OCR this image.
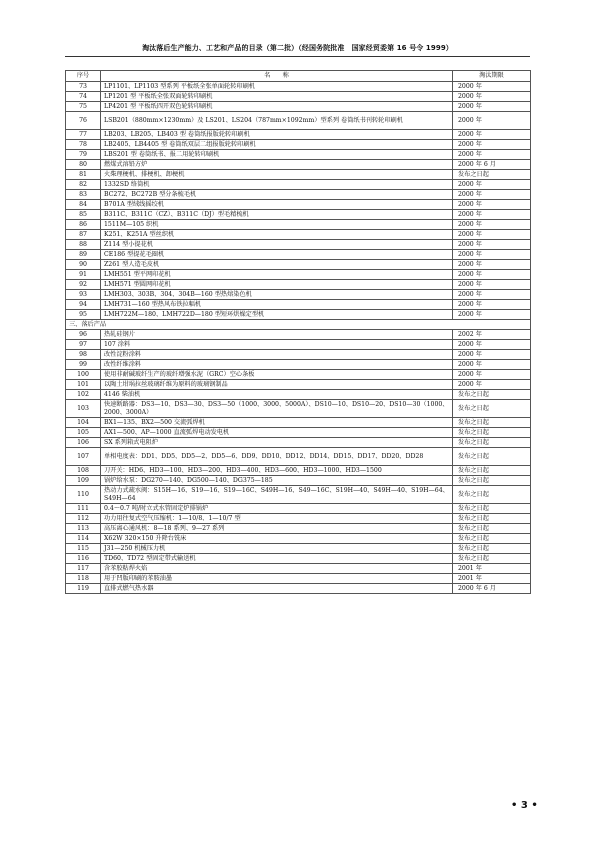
淘汰落后生产能力、工艺和产品的目录（第二批）（经国务院批准　国家经贸委第 16 号令 1999）
序号	名　　称	淘汰期限
73	LP1101、LP1103 型系列 平板纸全张单面轮转印刷机	2000 年
74	LP1201 型 平板纸全张双面轮转印刷机	2000 年
75	LP4201 型 平板纸四开双色轮转印刷机	2000 年
76	LSB201（880mm×1230mm）及 LS201、LS204（787mm×1092mm）型系列 卷筒纸书刊转轮印刷机	2000 年
77	LB203、LB205、LB403 型 卷筒纸报版轮转印刷机	2000 年
78	LB2405、LB4405 型 卷筒纸双层二组报版轮转印刷机	2000 年
79	LBS201 型 卷筒纸书、报二用轮转印刷机	2000 年
80	燃煤式溶铅方炉	2000 年 6 月
81	火柴理梗机、排梗机、卸梗机	发布之日起
82	1332SD 络筒机	2000 年
83	BC272、BC272B 型分条梳毛机	2000 年
84	B701A 型绒线摇绞机	2000 年
85	B311C、B311C（CZ）、B311C（DJ）型毛精梳机	2000 年
86	1511M—105 织机	2000 年
87	K251、K251A 型丝织机	2000 年
88	Z114 型小提花机	2000 年
89	CE186 型提花毛圈机	2000 年
90	Z261 型人造毛皮机	2000 年
91	LMH551 型平网印花机	2000 年
92	LMH571 型圆网印花机	2000 年
93	LMH303、303B、304、304B—160 型热熔染色机	2000 年
94	LMH731—160 型热风布铁拉幅机	2000 年
95	LMH722M—180、LMH722D—180 型短环烘燥定型机	2000 年
三、落后产品		
96	热轧硅钢片	2002 年
97	107 涂料	2000 年
98	改性淀粉涂料	2000 年
99	改性纤维涂料	2000 年
100	使用非耐碱玻纤生产的玻纤增强水泥（GRC）空心条板	2000 年
101	以陶土坩埚拉丝玻璃纤维为原料的玻璃钢制品	2000 年
102	4146 柴油机	发布之日起
103	快速断路器：DS3—10、DS3—30、DS3—50（1000、3000、5000A）、DS10—10、DS10—20、DS10—30（1000、2000、3000A）	发布之日起
104	BX1—135、BX2—500 交流弧焊机	发布之日起
105	AX1—500、AP—1000 直流弧焊电动发电机	发布之日起
106	SX 系列箱式电阻炉	发布之日起
107	单相电度表：DD1、DD5、DD5—2、DD5—6、DD9、DD10、DD12、DD14、DD15、DD17、DD20、DD28	发布之日起
108	刀开关：HD6、HD3—100、HD3—200、HD3—400、HD3—600、HD3—1000、HD3—1500	发布之日起
109	锅炉给水泵：DG270—140、DG500—140、DG375—185	发布之日起
110	热动力式疏水阀：S15H—16、S19—16、S19—16C、S49H—16、S49—16C、S19H—40、S49H—40、S19H—64、S49H—64	发布之日起
111	0.4～0.7 吨/时立式水管固定炉排锅炉	发布之日起
112	功力用往复式空气压缩机：1—10/8、1—10/7 型	发布之日起
113	高压离心通风机：8—18 系列、9—27 系列	发布之日起
114	X62W 320×150 升降台铣床	发布之日起
115	J31—250 机械压力机	发布之日起
116	TD60、TD72 型固定带式输送机	发布之日起
117	含苯胶粘焊火焰	2001 年
118	用于凹版印刷的苯胺油墨	2001 年
119	直排式燃气热水器	2000 年 6 月
• 3 •
